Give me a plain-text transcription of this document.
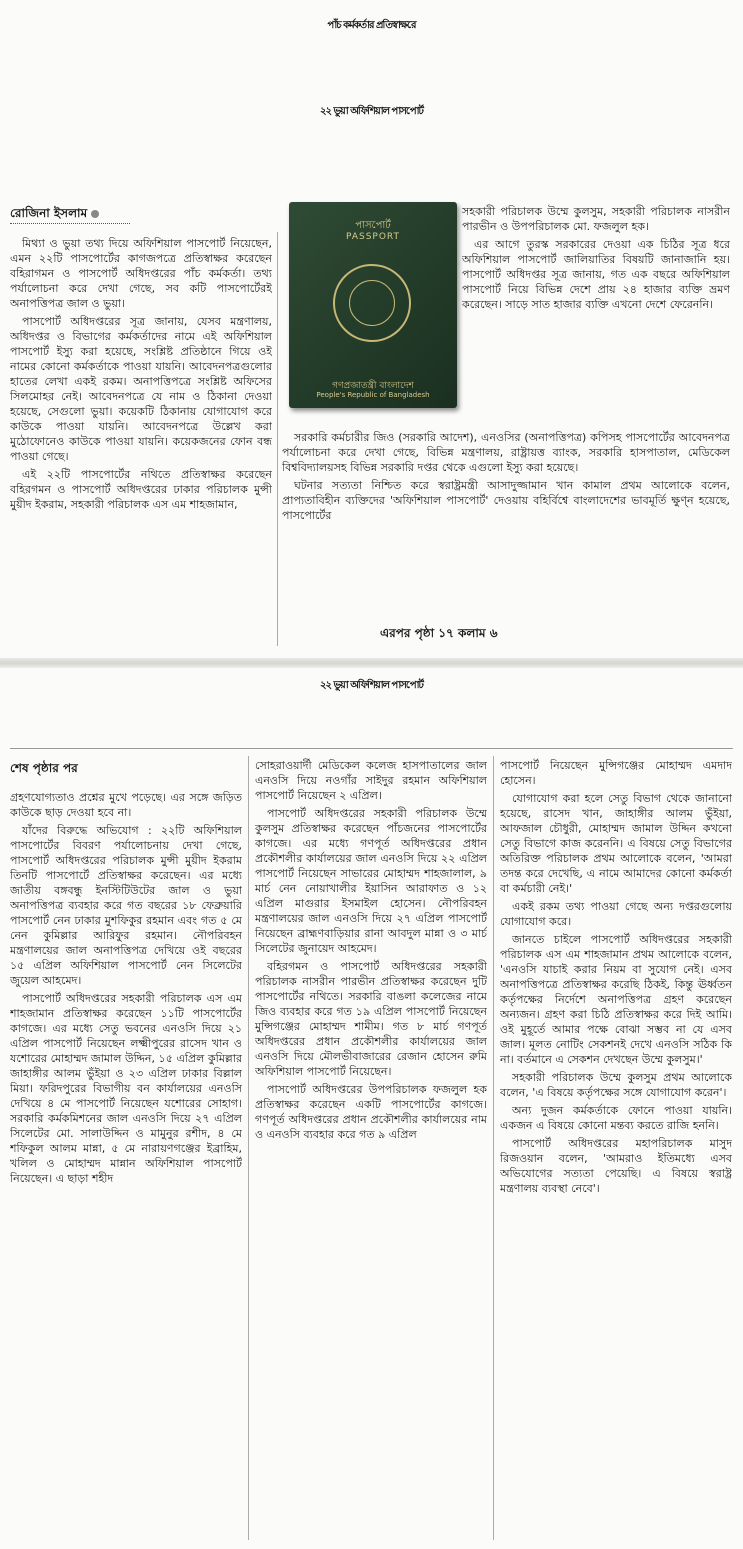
পাঁচ কর্মকর্তার প্রতিস্বাক্ষরে
২২ ভুয়া অফিশিয়াল পাসপোর্ট
রোজিনা ইসলাম

মিথ্যা ও ভুয়া তথ্য দিয়ে অফিশিয়াল পাসপোর্ট নিয়েছেন, এমন ২২টি পাসপোর্টের কাগজপত্রে প্রতিস্বাক্ষর করেছেন বহিরাগমন ও পাসপোর্ট অধিদপ্তরের পাঁচ কর্মকর্তা। তথ্য পর্যালোচনা করে দেখা গেছে, সব কটি পাসপোর্টেরই অনাপত্তিপত্র জাল ও ভুয়া।

পাসপোর্ট অধিদপ্তরের সূত্র জানায়, যেসব মন্ত্রণালয়, অধিদপ্তর ও বিভাগের কর্মকর্তাদের নামে এই অফিশিয়াল পাসপোর্ট ইস্যু করা হয়েছে, সংশ্লিষ্ট প্রতিষ্ঠানে গিয়ে ওই নামের কোনো কর্মকর্তাকে পাওয়া যায়নি। আবেদনপত্রগুলোর হাতের লেখা একই রকম। অনাপত্তিপত্রে সংশ্লিষ্ট অফিসের সিলমোহর নেই। আবেদনপত্রে যে নাম ও ঠিকানা দেওয়া হয়েছে, সেগুলো ভুয়া। কয়েকটি ঠিকানায় যোগাযোগ করে কাউকে পাওয়া যায়নি। আবেদনপত্রে উল্লেখ করা মুঠোফোনেও কাউকে পাওয়া যায়নি। কয়েকজনের ফোন বন্ধ পাওয়া গেছে।

এই ২২টি পাসপোর্টের নথিতে প্রতিস্বাক্ষর করেছেন বহিরগমন ও পাসপোর্ট অধিদপ্তরের ঢাকার পরিচালক মুন্সী মুয়ীদ ইকরাম, সহকারী পরিচালক এস এম শাহজামান,

পাসপোর্ট
PASSPORT
গণপ্রজাতন্ত্রী বাংলাদেশ
People's Republic of Bangladesh

সহকারী পরিচালক উম্মে কুলসুম, সহকারী পরিচালক নাসরীন পারভীন ও উপপরিচালক মো. ফজলুল হক।

এর আগে তুরস্ক সরকারের দেওয়া এক চিঠির সূত্র ধরে অফিশিয়াল পাসপোর্ট জালিয়াতির বিষয়টি জানাজানি হয়। পাসপোর্ট অধিদপ্তর সূত্র জানায়, গত এক বছরে অফিশিয়াল পাসপোর্ট নিয়ে বিভিন্ন দেশে প্রায় ২৪ হাজার ব্যক্তি ভ্রমণ করেছেন। সাড়ে সাত হাজার ব্যক্তি এখনো দেশে ফেরেননি।

সরকারি কর্মচারীর জিও (সরকারি আদেশ), এনওসির (অনাপত্তিপত্র) কপিসহ পাসপোর্টের আবেদনপত্র পর্যালোচনা করে দেখা গেছে, বিভিন্ন মন্ত্রণালয়, রাষ্ট্রায়ত্ত ব্যাংক, সরকারি হাসপাতাল, মেডিকেল বিশ্ববিদ্যালয়সহ বিভিন্ন সরকারি দপ্তর থেকে এগুলো ইস্যু করা হয়েছে।

ঘটনার সত্যতা নিশ্চিত করে স্বরাষ্ট্রমন্ত্রী আসাদুজ্জামান খান কামাল প্রথম আলোকে বলেন, প্রাপ্যতাবিহীন ব্যক্তিদের 'অফিশিয়াল পাসপোর্ট' দেওয়ায় বহির্বিশ্বে বাংলাদেশের ভাবমূর্তি ক্ষুণ্ন হয়েছে, পাসপোর্টের

এরপর পৃষ্ঠা ১৭ কলাম ৬
২২ ভুয়া অফিশিয়াল পাসপোর্ট
শেষ পৃষ্ঠার পর

গ্রহণযোগ্যতাও প্রশ্নের মুখে পড়েছে। এর সঙ্গে জড়িত কাউকে ছাড় দেওয়া হবে না।

যাঁদের বিরুদ্ধে অভিযোগ : ২২টি অফিশিয়াল পাসপোর্টের বিবরণ পর্যালোচনায় দেখা গেছে, পাসপোর্ট অধিদপ্তরের পরিচালক মুন্সী মুয়ীদ ইকরাম তিনটি পাসপোর্টে প্রতিস্বাক্ষর করেছেন। এর মধ্যে জাতীয় বঙ্গবন্ধু ইনস্টিটিউটের জাল ও ভুয়া অনাপত্তিপত্র ব্যবহার করে গত বছরের ১৮ ফেব্রুয়ারি পাসপোর্ট নেন ঢাকার মুশফিকুর রহমান এবং গত ৫ মে নেন কুমিল্লার আরিফুর রহমান। নৌপরিবহন মন্ত্রণালয়ের জাল অনাপত্তিপত্র দেখিয়ে ওই বছরের ১৫ এপ্রিল অফিশিয়াল পাসপোর্ট নেন সিলেটের জুয়েল আহমেদ।

পাসপোর্ট অধিদপ্তরের সহকারী পরিচালক এস এম শাহজামান প্রতিস্বাক্ষর করেছেন ১১টি পাসপোর্টের কাগজে। এর মধ্যে সেতু ভবনের এনওসি দিয়ে ২১ এপ্রিল পাসপোর্ট নিয়েছেন লক্ষ্মীপুরের রাসেদ খান ও যশোরের মোহাম্মদ জামাল উদ্দিন, ১৫ এপ্রিল কুমিল্লার জাহাঙ্গীর আলম ভুঁইয়া ও ২৩ এপ্রিল ঢাকার বিল্লাল মিয়া। ফরিদপুরের বিভাগীয় বন কার্যালয়ের এনওসি দেখিয়ে ৪ মে পাসপোর্ট নিয়েছেন যশোরের সোহাগ। সরকারি কর্মকমিশনের জাল এনওসি দিয়ে ২৭ এপ্রিল সিলেটের মো. সালাউদ্দিন ও মামুনুর রশীদ, ৪ মে শফিকুল আলম মান্না, ৫ মে নারায়ণগঞ্জের ইব্রাহিম, খলিল ও মোহাম্মদ মান্নান অফিশিয়াল পাসপোর্ট নিয়েছেন। এ ছাড়া শহীদ

সোহরাওয়ার্দী মেডিকেল কলেজ হাসপাতালের জাল এনওসি দিয়ে নওগাঁর সাইদুর রহমান অফিশিয়াল পাসপোর্ট নিয়েছেন ২ এপ্রিল।

পাসপোর্ট অধিদপ্তরের সহকারী পরিচালক উম্মে কুলসুম প্রতিস্বাক্ষর করেছেন পাঁচজনের পাসপোর্টের কাগজে। এর মধ্যে গণপূর্ত অধিদপ্তরের প্রধান প্রকৌশলীর কার্যালয়ের জাল এনওসি দিয়ে ২২ এপ্রিল পাসপোর্ট নিয়েছেন সাভারের মোহাম্মদ শাহজালাল, ৯ মার্চ নেন নোয়াখালীর ইয়াসিন আরাফাত ও ১২ এপ্রিল মাগুরার ইসমাইল হোসেন। নৌপরিবহন মন্ত্রণালয়ের জাল এনওসি দিয়ে ২৭ এপ্রিল পাসপোর্ট নিয়েছেন ব্রাহ্মণবাড়িয়ার রানা আবদুল মান্না ও ৩ মার্চ সিলেটের জুনায়েদ আহমেদ।

বহিরগমন ও পাসপোর্ট অধিদপ্তরের সহকারী পরিচালক নাসরীন পারভীন প্রতিস্বাক্ষর করেছেন দুটি পাসপোর্টের নথিতে। সরকারি বাঙলা কলেজের নামে জিও ব্যবহার করে গত ১৯ এপ্রিল পাসপোর্ট নিয়েছেন মুন্সিগঞ্জের মোহাম্মদ শামীম। গত ৮ মার্চ গণপূর্ত অধিদপ্তরের প্রধান প্রকৌশলীর কার্যালয়ের জাল এনওসি দিয়ে মৌলভীবাজারের রেজান হোসেন রুমি অফিশিয়াল পাসপোর্ট নিয়েছেন।

পাসপোর্ট অধিদপ্তরের উপপরিচালক ফজলুল হক প্রতিস্বাক্ষর করেছেন একটি পাসপোর্টের কাগজে। গণপূর্ত অধিদপ্তরের প্রধান প্রকৌশলীর কার্যালয়ের নাম ও এনওসি ব্যবহার করে গত ৯ এপ্রিল

পাসপোর্ট নিয়েছেন মুন্সিগঞ্জের মোহাম্মদ এমদাদ হোসেন।

যোগাযোগ করা হলে সেতু বিভাগ থেকে জানানো হয়েছে, রাসেদ খান, জাহাঙ্গীর আলম ভুঁইয়া, আফজাল চৌধুরী, মোহাম্মদ জামাল উদ্দিন কখনো সেতু বিভাগে কাজ করেননি। এ বিষয়ে সেতু বিভাগের অতিরিক্ত পরিচালক প্রথম আলোকে বলেন, 'আমরা তদন্ত করে দেখেছি, এ নামে আমাদের কোনো কর্মকর্তা বা কর্মচারী নেই।'

একই রকম তথ্য পাওয়া গেছে অন্য দপ্তরগুলোয় যোগাযোগ করে।

জানতে চাইলে পাসপোর্ট অধিদপ্তরের সহকারী পরিচালক এস এম শাহজামান প্রথম আলোকে বলেন, 'এনওসি যাচাই করার নিয়ম বা সুযোগ নেই। এসব অনাপত্তিপত্রে প্রতিস্বাক্ষর করেছি ঠিকই, কিন্তু ঊর্ধ্বতন কর্তৃপক্ষের নির্দেশে অনাপত্তিপত্র গ্রহণ করেছেন অন্যজন। গ্রহণ করা চিঠি প্রতিস্বাক্ষর করে দিই আমি। ওই মুহূর্তে আমার পক্ষে বোঝা সম্ভব না যে এসব জাল। মূলত নোটিং সেকশনই দেখে এনওসি সঠিক কি না। বর্তমানে এ সেকশন দেখছেন উম্মে কুলসুম।'

সহকারী পরিচালক উম্মে কুলসুম প্রথম আলোকে বলেন, 'এ বিষয়ে কর্তৃপক্ষের সঙ্গে যোগাযোগ করেন'।

অন্য দুজন কর্মকর্তাকে ফোনে পাওয়া যায়নি। একজন এ বিষয়ে কোনো মন্তব্য করতে রাজি হননি।

পাসপোর্ট অধিদপ্তরের মহাপরিচালক মাসুদ রিজওয়ান বলেন, 'আমরাও ইতিমধ্যে এসব অভিযোগের সত্যতা পেয়েছি। এ বিষয়ে স্বরাষ্ট্র মন্ত্রণালয় ব্যবস্থা নেবে'।
